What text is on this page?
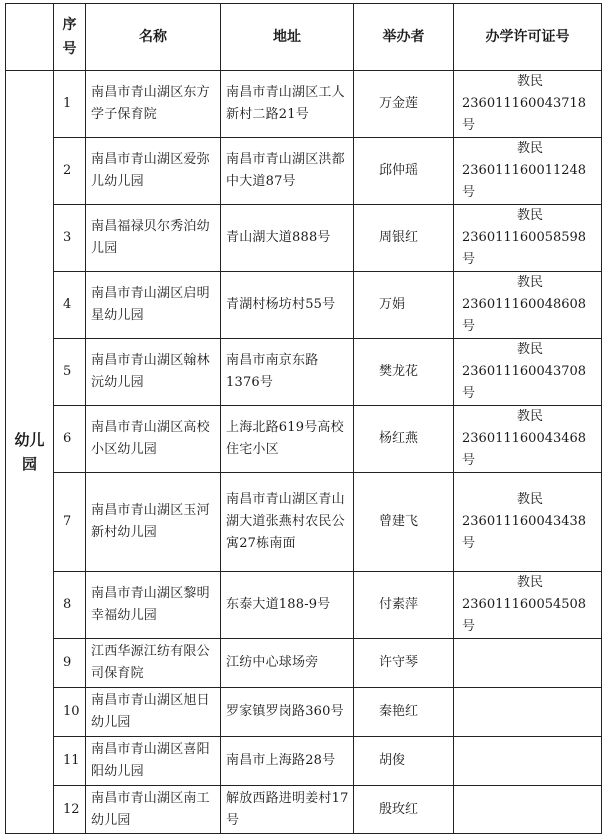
	序号	名称	地址	举办者	办学许可证号
幼儿园	1	南昌市青山湖区东方学子保育院	南昌市青山湖区工人新村二路21号	万金莲	教民
236011160043718号

	2	南昌市青山湖区爱弥儿幼儿园	南昌市青山湖区洪都中大道87号	邱仲瑶	教民
236011160011248号

	3	南昌福禄贝尔秀泊幼儿园	青山湖大道888号	周银红	教民
236011160058598号

	4	南昌市青山湖区启明星幼儿园	青湖村杨坊村55号	万娟	教民
236011160048608号

	5	南昌市青山湖区翰林沅幼儿园	南昌市南京东路1376号	樊龙花	教民
236011160043708号

	6	南昌市青山湖区高校小区幼儿园	上海北路619号高校住宅小区	杨红燕	教民
236011160043468号

	7	南昌市青山湖区玉河新村幼儿园	南昌市青山湖区青山湖大道张燕村农民公寓27栋南面	曾建飞	教民
236011160043438号

	8	南昌市青山湖区黎明幸福幼儿园	东泰大道188-9号	付素萍	教民
236011160054508号

	9	江西华源江纺有限公司保育院	江纺中心球场旁	许守琴	

	10	南昌市青山湖区旭日幼儿园	罗家镇罗岗路360号	秦艳红	

	11	南昌市青山湖区喜阳阳幼儿园	南昌市上海路28号	胡俊	

	12	南昌市青山湖区南工幼儿园	解放西路进明姜村17号	殷玫红	
